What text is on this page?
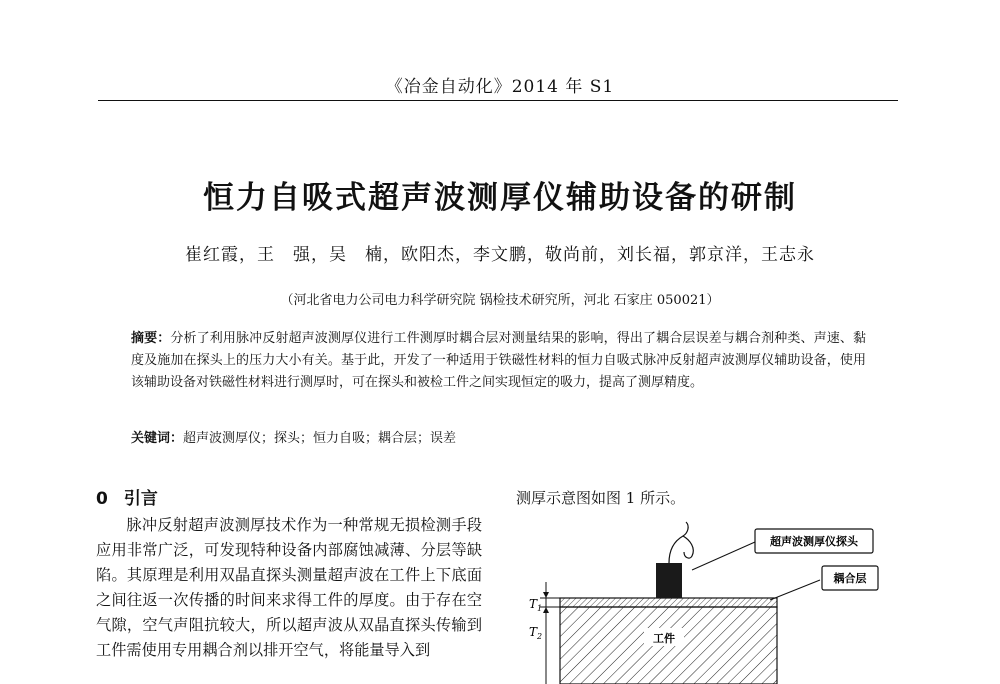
《冶金自动化》2014 年 S1
恒力自吸式超声波测厚仪辅助设备的研制
崔红霞，王　强，吴　楠，欧阳杰，李文鹏，敬尚前，刘长福，郭京洋，王志永
（河北省电力公司电力科学研究院 锅检技术研究所，河北 石家庄 050021）
摘要：分析了利用脉冲反射超声波测厚仪进行工件测厚时耦合层对测量结果的影响，得出了耦合层误差与耦合剂种类、声速、黏度及施加在探头上的压力大小有关。基于此，开发了一种适用于铁磁性材料的恒力自吸式脉冲反射超声波测厚仪辅助设备，使用该辅助设备对铁磁性材料进行测厚时，可在探头和被检工件之间实现恒定的吸力，提高了测厚精度。
关键词：超声波测厚仪；探头；恒力自吸；耦合层；误差
0 引言

脉冲反射超声波测厚技术作为一种常规无损检测手段应用非常广泛，可发现特种设备内部腐蚀减薄、分层等缺陷。其原理是利用双晶直探头测量超声波在工件上下底面之间往返一次传播的时间来求得工件的厚度。由于存在空气隙，空气声阻抗较大，所以超声波从双晶直探头传输到工件需使用专用耦合剂以排开空气，将能量导入到

测厚示意图如图 1 所示。
工件
超声波测厚仪探头
耦合层
$T_1$
$T_2$
